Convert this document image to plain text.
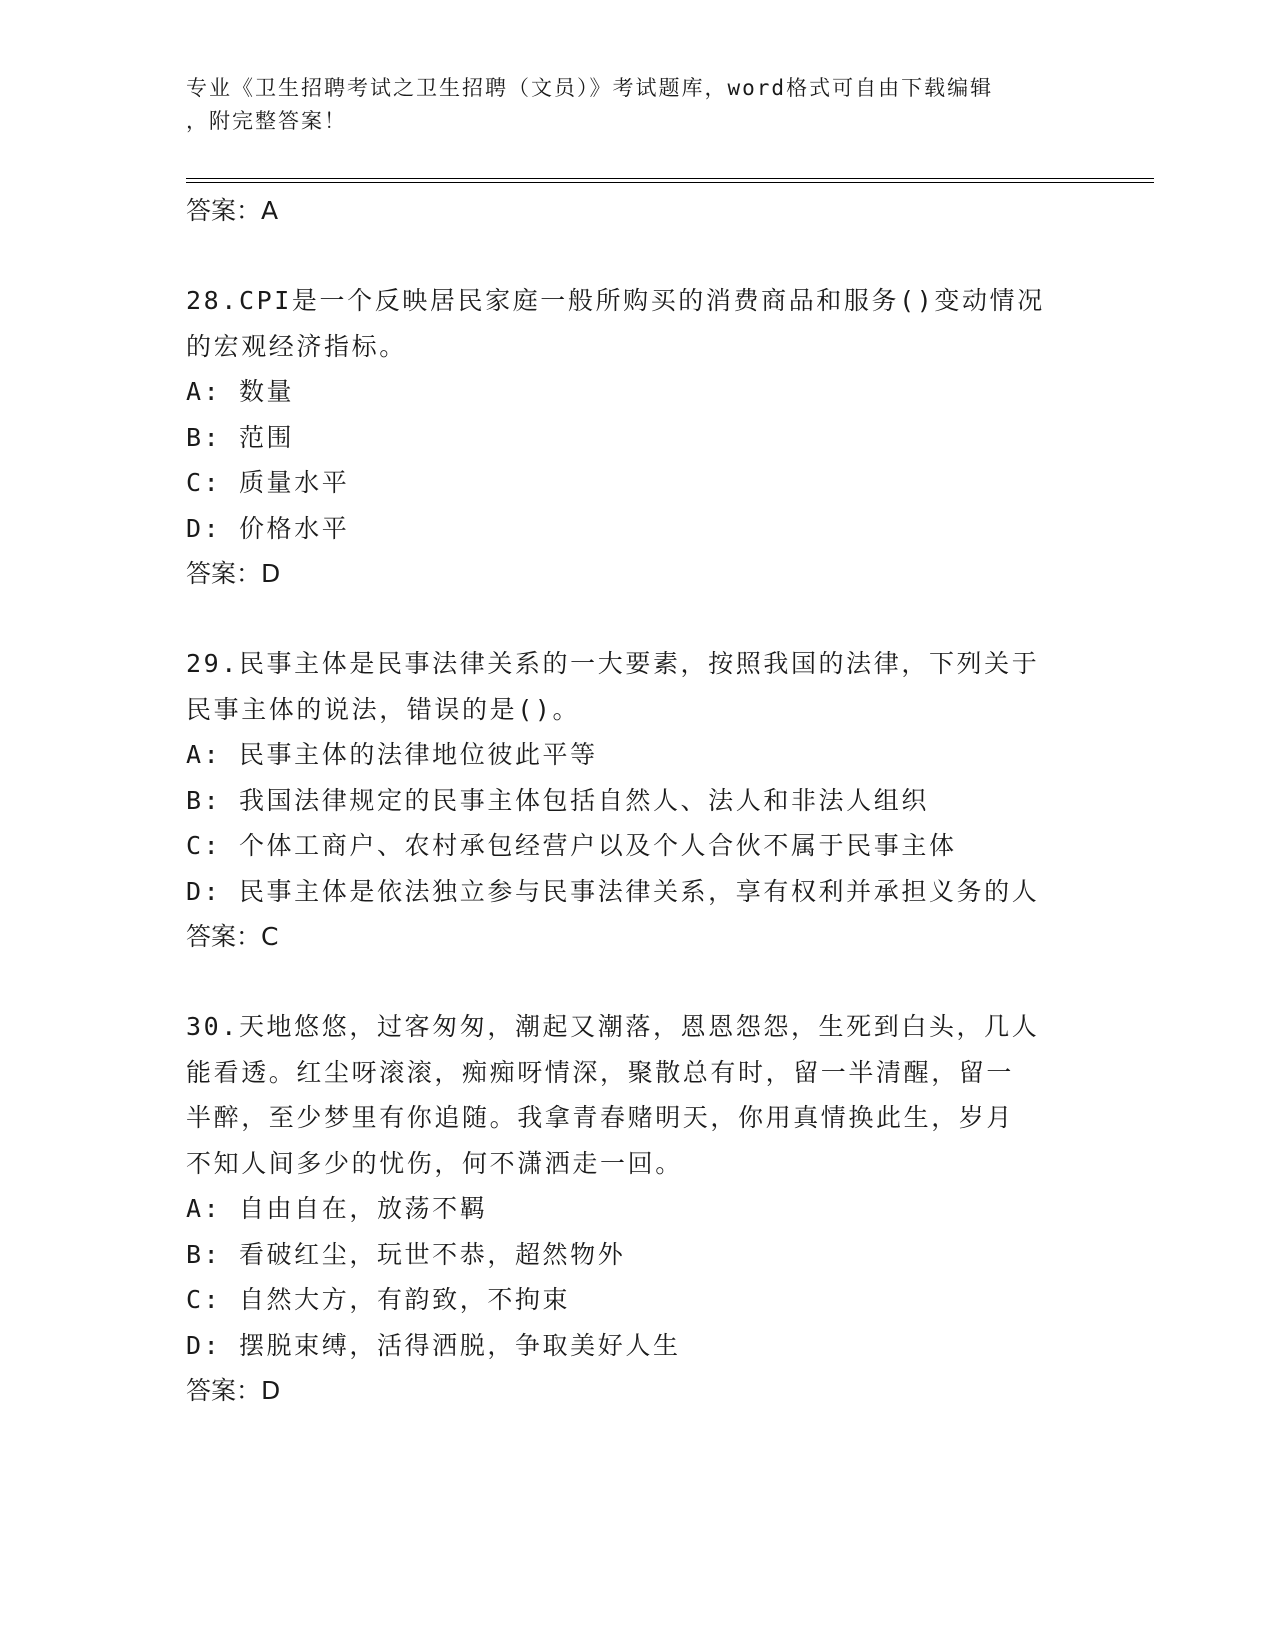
专业《卫生招聘考试之卫生招聘（文员）》考试题库，word格式可自由下载编辑
，附完整答案！
答案：A
28.CPI是一个反映居民家庭一般所购买的消费商品和服务()变动情况
的宏观经济指标。
A: 数量
B: 范围
C: 质量水平
D: 价格水平
答案：D
29.民事主体是民事法律关系的一大要素，按照我国的法律，下列关于
民事主体的说法，错误的是()。
A: 民事主体的法律地位彼此平等
B: 我国法律规定的民事主体包括自然人、法人和非法人组织
C: 个体工商户、农村承包经营户以及个人合伙不属于民事主体
D: 民事主体是依法独立参与民事法律关系，享有权利并承担义务的人
答案：C
30.天地悠悠，过客匆匆，潮起又潮落，恩恩怨怨，生死到白头，几人
能看透。红尘呀滚滚，痴痴呀情深，聚散总有时，留一半清醒，留一
半醉，至少梦里有你追随。我拿青春赌明天，你用真情换此生，岁月
不知人间多少的忧伤，何不潇洒走一回。
A: 自由自在，放荡不羁
B: 看破红尘，玩世不恭，超然物外
C: 自然大方，有韵致，不拘束
D: 摆脱束缚，活得洒脱，争取美好人生
答案：D
